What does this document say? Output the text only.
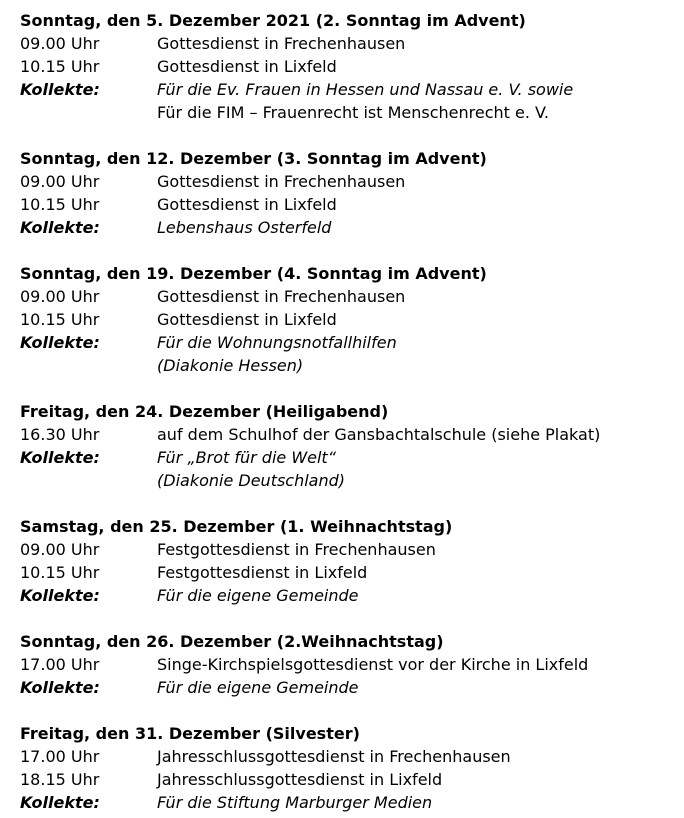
Sonntag, den 5. Dezember 2021 (2. Sonntag im Advent)
09.00 Uhr	Gottesdienst in Frechenhausen
10.15 Uhr	Gottesdienst in Lixfeld
Kollekte:	Für die Ev. Frauen in Hessen und Nassau e. V. sowie
Für die FIM – Frauenrecht ist Menschenrecht e. V.
Sonntag, den 12. Dezember (3. Sonntag im Advent)
09.00 Uhr	Gottesdienst in Frechenhausen
10.15 Uhr	Gottesdienst in Lixfeld
Kollekte:	Lebenshaus Osterfeld
Sonntag, den 19. Dezember (4. Sonntag im Advent)
09.00 Uhr	Gottesdienst in Frechenhausen
10.15 Uhr	Gottesdienst in Lixfeld
Kollekte:	Für die Wohnungsnotfallhilfen
(Diakonie Hessen)
Freitag, den 24. Dezember (Heiligabend)
16.30 Uhr	auf dem Schulhof der Gansbachtalschule (siehe Plakat)
Kollekte:	Für „Brot für die Welt“
(Diakonie Deutschland)
Samstag, den 25. Dezember (1. Weihnachtstag)
09.00 Uhr	Festgottesdienst in Frechenhausen
10.15 Uhr	Festgottesdienst in Lixfeld
Kollekte:	Für die eigene Gemeinde
Sonntag, den 26. Dezember (2.Weihnachtstag)
17.00 Uhr	Singe-Kirchspielsgottesdienst vor der Kirche in Lixfeld
Kollekte:	Für die eigene Gemeinde
Freitag, den 31. Dezember (Silvester)
17.00 Uhr	Jahresschlussgottesdienst in Frechenhausen
18.15 Uhr	Jahresschlussgottesdienst in Lixfeld
Kollekte:	Für die Stiftung Marburger Medien
